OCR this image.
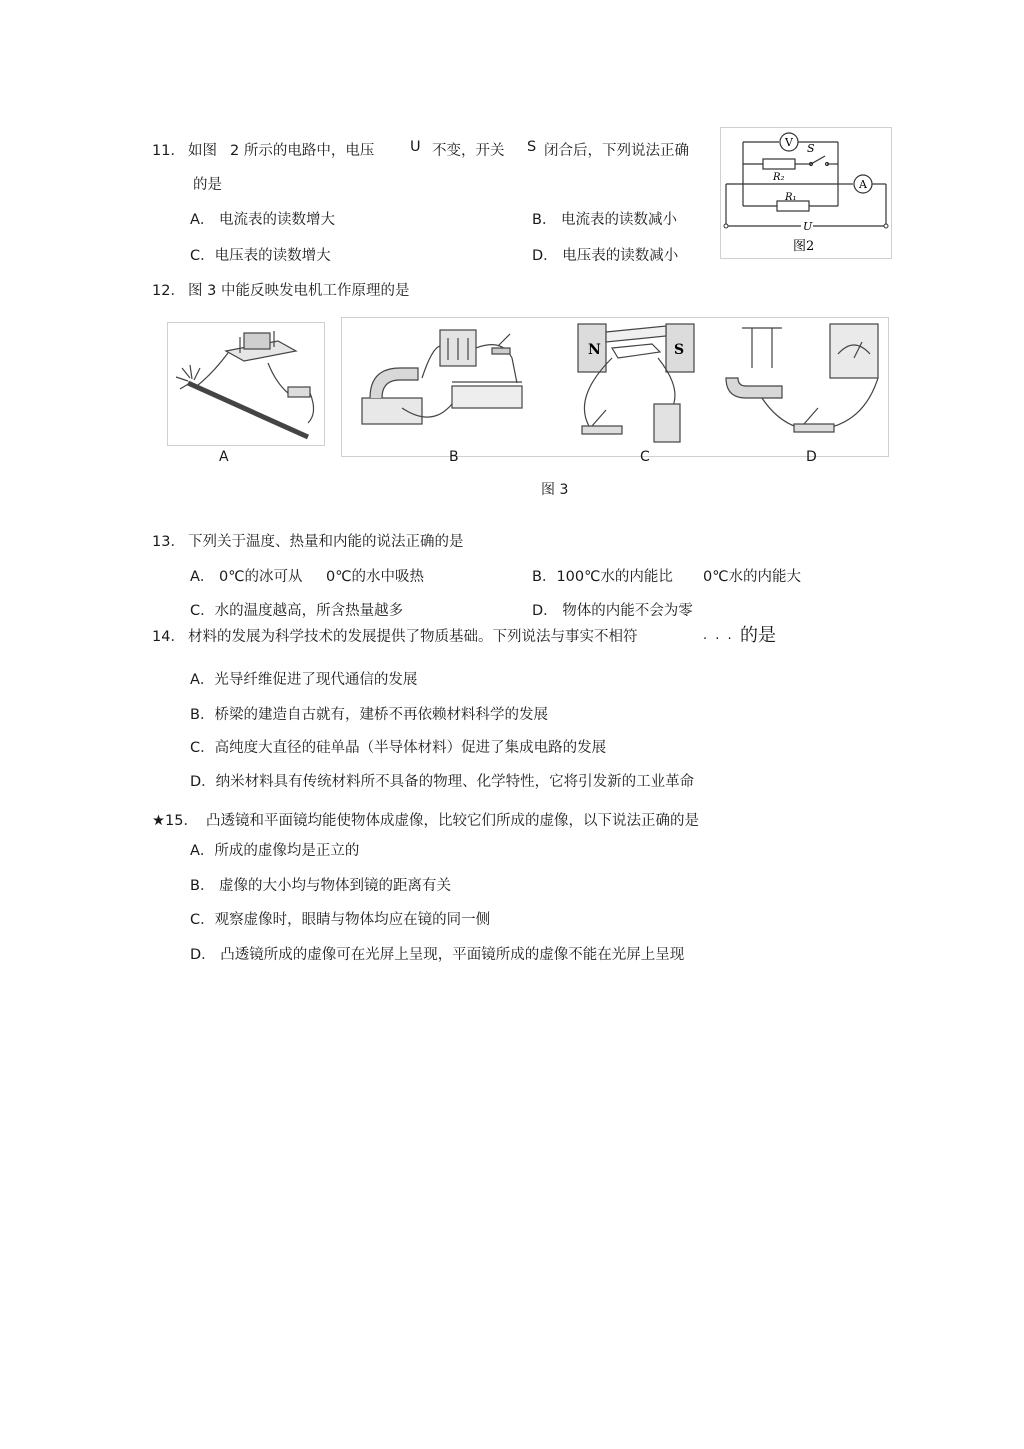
11． 如图 2 所示的电路中，电压 U 不变，开关 S 闭合后，下列说法正确
的是
A． 电流表的读数增大	B． 电流表的读数减小
C．电压表的读数增大	D． 电压表的读数减小
V S
R₂
A
R₁
U
图2
12． 图 3 中能反映发电机工作原理的是
N	S
A	B	C	D
图 3
13． 下列关于温度、热量和内能的说法正确的是
A． 0℃的冰可从 0℃的水中吸热	B．100℃水的内能比 0℃水的内能大
C．水的温度越高，所含热量越多	D． 物体的内能不会为零
14． 材料的发展为科学技术的发展提供了物质基础。下列说法与事实不相符	. . . 的是
A．光导纤维促进了现代通信的发展
B．桥梁的建造自古就有，建桥不再依赖材料科学的发展
C．高纯度大直径的硅单晶（半导体材料）促进了集成电路的发展
D．纳米材料具有传统材料所不具备的物理、化学特性，它将引发新的工业革命
★15． 凸透镜和平面镜均能使物体成虚像，比较它们所成的虚像，以下说法正确的是
A．所成的虚像均是正立的
B． 虚像的大小均与物体到镜的距离有关
C．观察虚像时，眼睛与物体均应在镜的同一侧
D． 凸透镜所成的虚像可在光屏上呈现，平面镜所成的虚像不能在光屏上呈现
